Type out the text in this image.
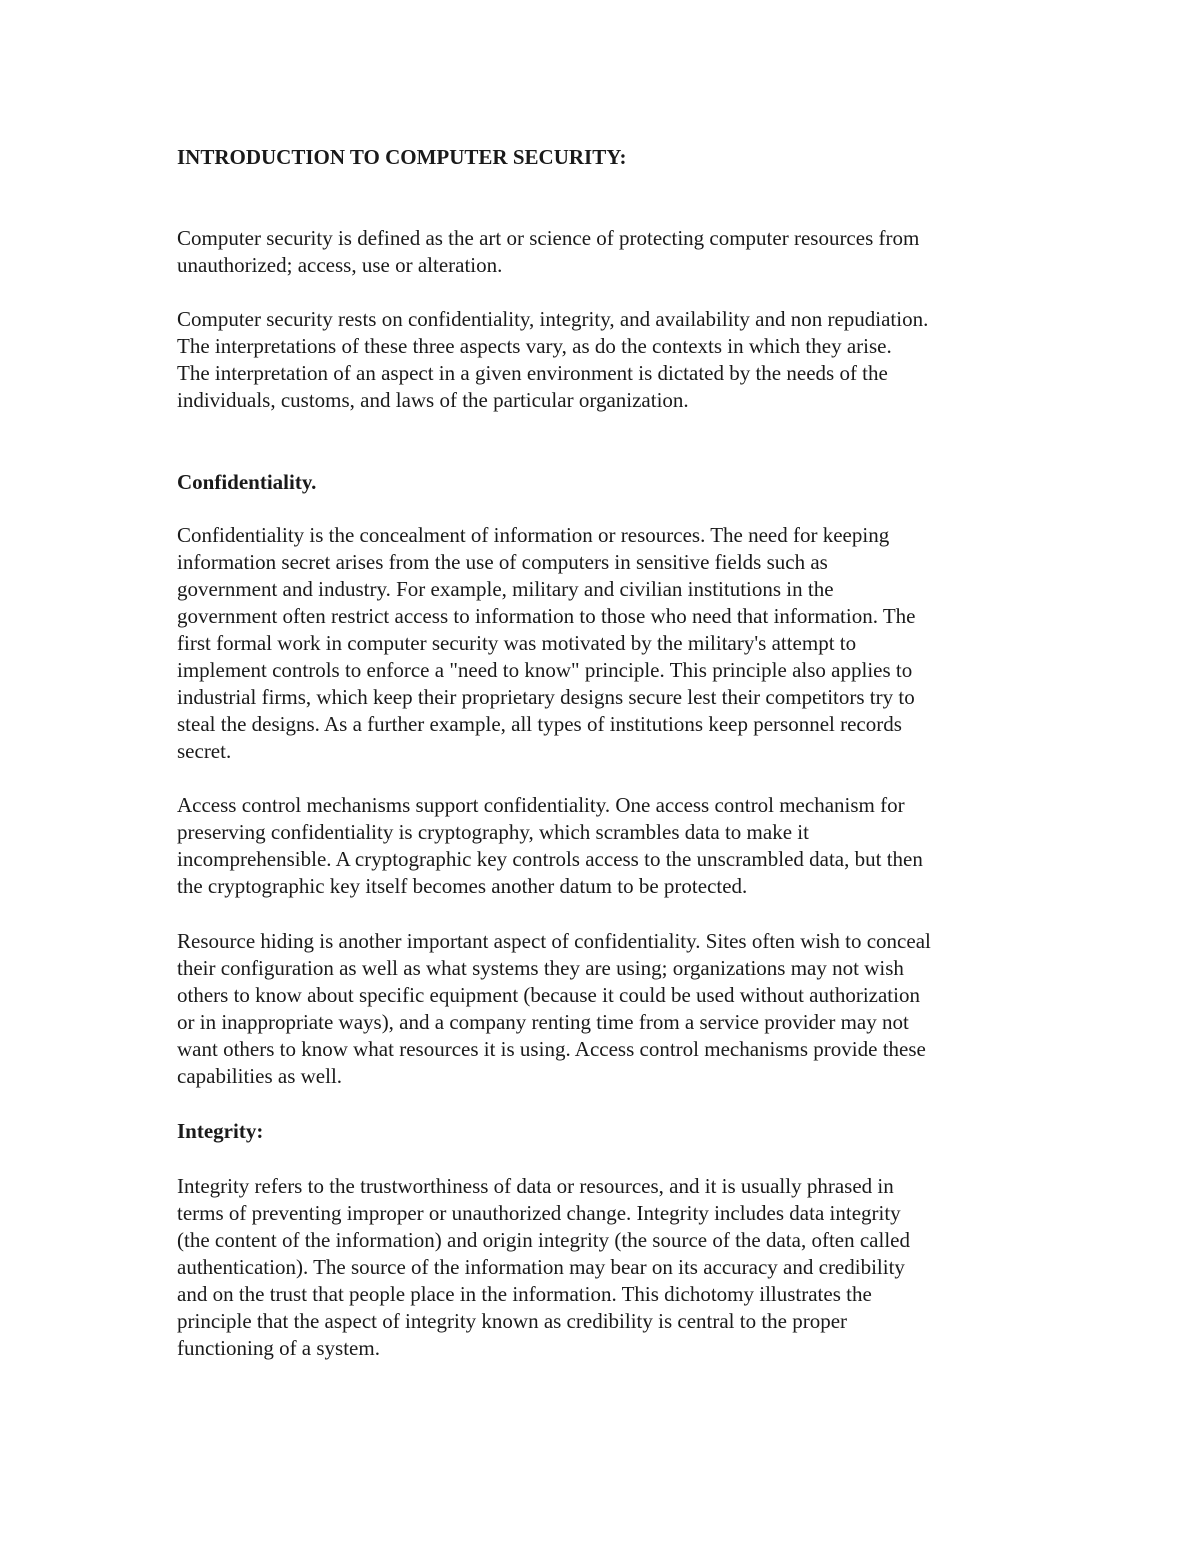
INTRODUCTION TO COMPUTER SECURITY:

Computer security is defined as the art or science of protecting computer resources from
unauthorized; access, use or alteration.

Computer security rests on confidentiality, integrity, and availability and non repudiation.
The interpretations of these three aspects vary, as do the contexts in which they arise.
The interpretation of an aspect in a given environment is dictated by the needs of the
individuals, customs, and laws of the particular organization.

Confidentiality.

Confidentiality is the concealment of information or resources. The need for keeping
information secret arises from the use of computers in sensitive fields such as
government and industry. For example, military and civilian institutions in the
government often restrict access to information to those who need that information. The
first formal work in computer security was motivated by the military's attempt to
implement controls to enforce a "need to know" principle. This principle also applies to
industrial firms, which keep their proprietary designs secure lest their competitors try to
steal the designs. As a further example, all types of institutions keep personnel records
secret.

Access control mechanisms support confidentiality. One access control mechanism for
preserving confidentiality is cryptography, which scrambles data to make it
incomprehensible. A cryptographic key controls access to the unscrambled data, but then
the cryptographic key itself becomes another datum to be protected.

Resource hiding is another important aspect of confidentiality. Sites often wish to conceal
their configuration as well as what systems they are using; organizations may not wish
others to know about specific equipment (because it could be used without authorization
or in inappropriate ways), and a company renting time from a service provider may not
want others to know what resources it is using. Access control mechanisms provide these
capabilities as well.

Integrity:

Integrity refers to the trustworthiness of data or resources, and it is usually phrased in
terms of preventing improper or unauthorized change. Integrity includes data integrity
(the content of the information) and origin integrity (the source of the data, often called
authentication). The source of the information may bear on its accuracy and credibility
and on the trust that people place in the information. This dichotomy illustrates the
principle that the aspect of integrity known as credibility is central to the proper
functioning of a system.
